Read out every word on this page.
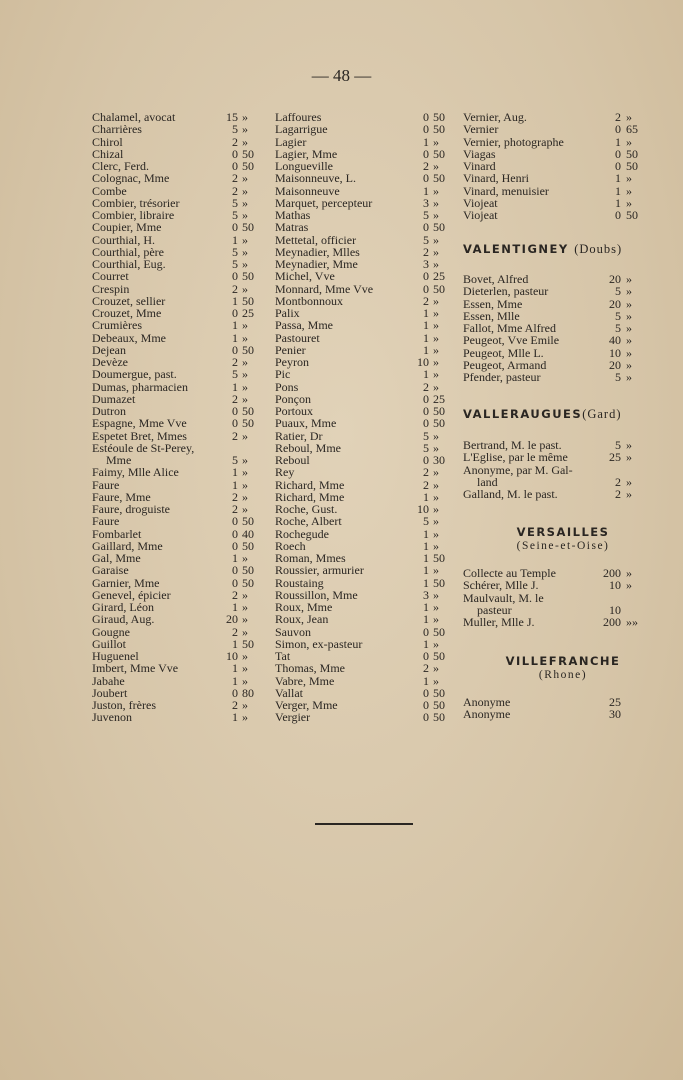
— 48 —
Chalamel, avocat	15 »
Charrières	5 »
Chirol	2 »
Chizal	0 50
Clerc, Ferd.	0 50
Colognac, Mme	2 »
Combe	2 »
Combier, trésorier	5 »
Combier, libraire	5 »
Coupier, Mme	0 50
Courthial, H.	1 »
Courthial, père	5 »
Courthial, Eug.	5 »
Courret	0 50
Crespin	2 »
Crouzet, sellier	1 50
Crouzet, Mme	0 25
Crumières	1 »
Debeaux, Mme	1 »
Dejean	0 50
Devèze	2 »
Doumergue, past.	5 »
Dumas, pharmacien	1 »
Dumazet	2 »
Dutron	0 50
Espagne, Mme Vve	0 50
Espetet Bret, Mmes	2 »
Estéoule de St-Perey,
Mme	5 »
Faimy, Mlle Alice	1 »
Faure	1 »
Faure, Mme	2 »
Faure, droguiste	2 »
Faure	0 50
Fombarlet	0 40
Gaillard, Mme	0 50
Gal, Mme	1 »
Garaise	0 50
Garnier, Mme	0 50
Genevel, épicier	2 »
Girard, Léon	1 »
Giraud, Aug.	20 »
Gougne	2 »
Guillot	1 50
Huguenel	10 »
Imbert, Mme Vve	1 »
Jabahe	1 »
Joubert	0 80
Juston, frères	2 »
Juvenon	1 »
Laffoures	0 50
Lagarrigue	0 50
Lagier	1 »
Lagier, Mme	0 50
Longueville	2 »
Maisonneuve, L.	0 50
Maisonneuve	1 »
Marquet, percepteur	3 »
Mathas	5 »
Matras	0 50
Mettetal, officier	5 »
Meynadier, Mlles	2 »
Meynadier, Mme	3 »
Michel, Vve	0 25
Monnard, Mme Vve	0 50
Montbonnoux	2 »
Palix	1 »
Passa, Mme	1 »
Pastouret	1 »
Penier	1 »
Peyron	10 »
Pic	1 »
Pons	2 »
Ponçon	0 25
Portoux	0 50
Puaux, Mme	0 50
Ratier, Dr	5 »
Reboul, Mme	5 »
Reboul	0 30
Rey	2 »
Richard, Mme	2 »
Richard, Mme	1 »
Roche, Gust.	10 »
Roche, Albert	5 »
Rochegude	1 »
Roech	1 »
Roman, Mmes	1 50
Roussier, armurier	1 »
Roustaing	1 50
Roussillon, Mme	3 »
Roux, Mme	1 »
Roux, Jean	1 »
Sauvon	0 50
Simon, ex-pasteur	1 »
Tat	0 50
Thomas, Mme	2 »
Vabre, Mme	1 »
Vallat	0 50
Verger, Mme	0 50
Vergier	0 50
Vernier, Aug.	2 »
Vernier	0 65
Vernier, photographe	1 »
Viagas	0 50
Vinard	0 50
Vinard, Henri	1 »
Vinard, menuisier	1 »
Viojeat	1 »
Viojeat	0 50
VALENTIGNEY (Doubs)
Bovet, Alfred	20 »
Dieterlen, pasteur	5 »
Essen, Mme	20 »
Essen, Mlle	5 »
Fallot, Mme Alfred	5 »
Peugeot, Vve Emile	40 »
Peugeot, Mlle L.	10 »
Peugeot, Armand	20 »
Pfender, pasteur	5 »
VALLERAUGUES(Gard)
Bertrand, M. le past.	5 »
L'Eglise, par le même	25 »
Anonyme, par M. Gal-
land	2 »
Galland, M. le past.	2 »
VERSAILLES
(Seine-et-Oise)
Collecte au Temple	200 »
Schérer, Mlle J.	10 »
Maulvault, M. le
pasteur	10
Muller, Mlle J.	200 »»
VILLEFRANCHE
(Rhone)
Anonyme	25
Anonyme	30
